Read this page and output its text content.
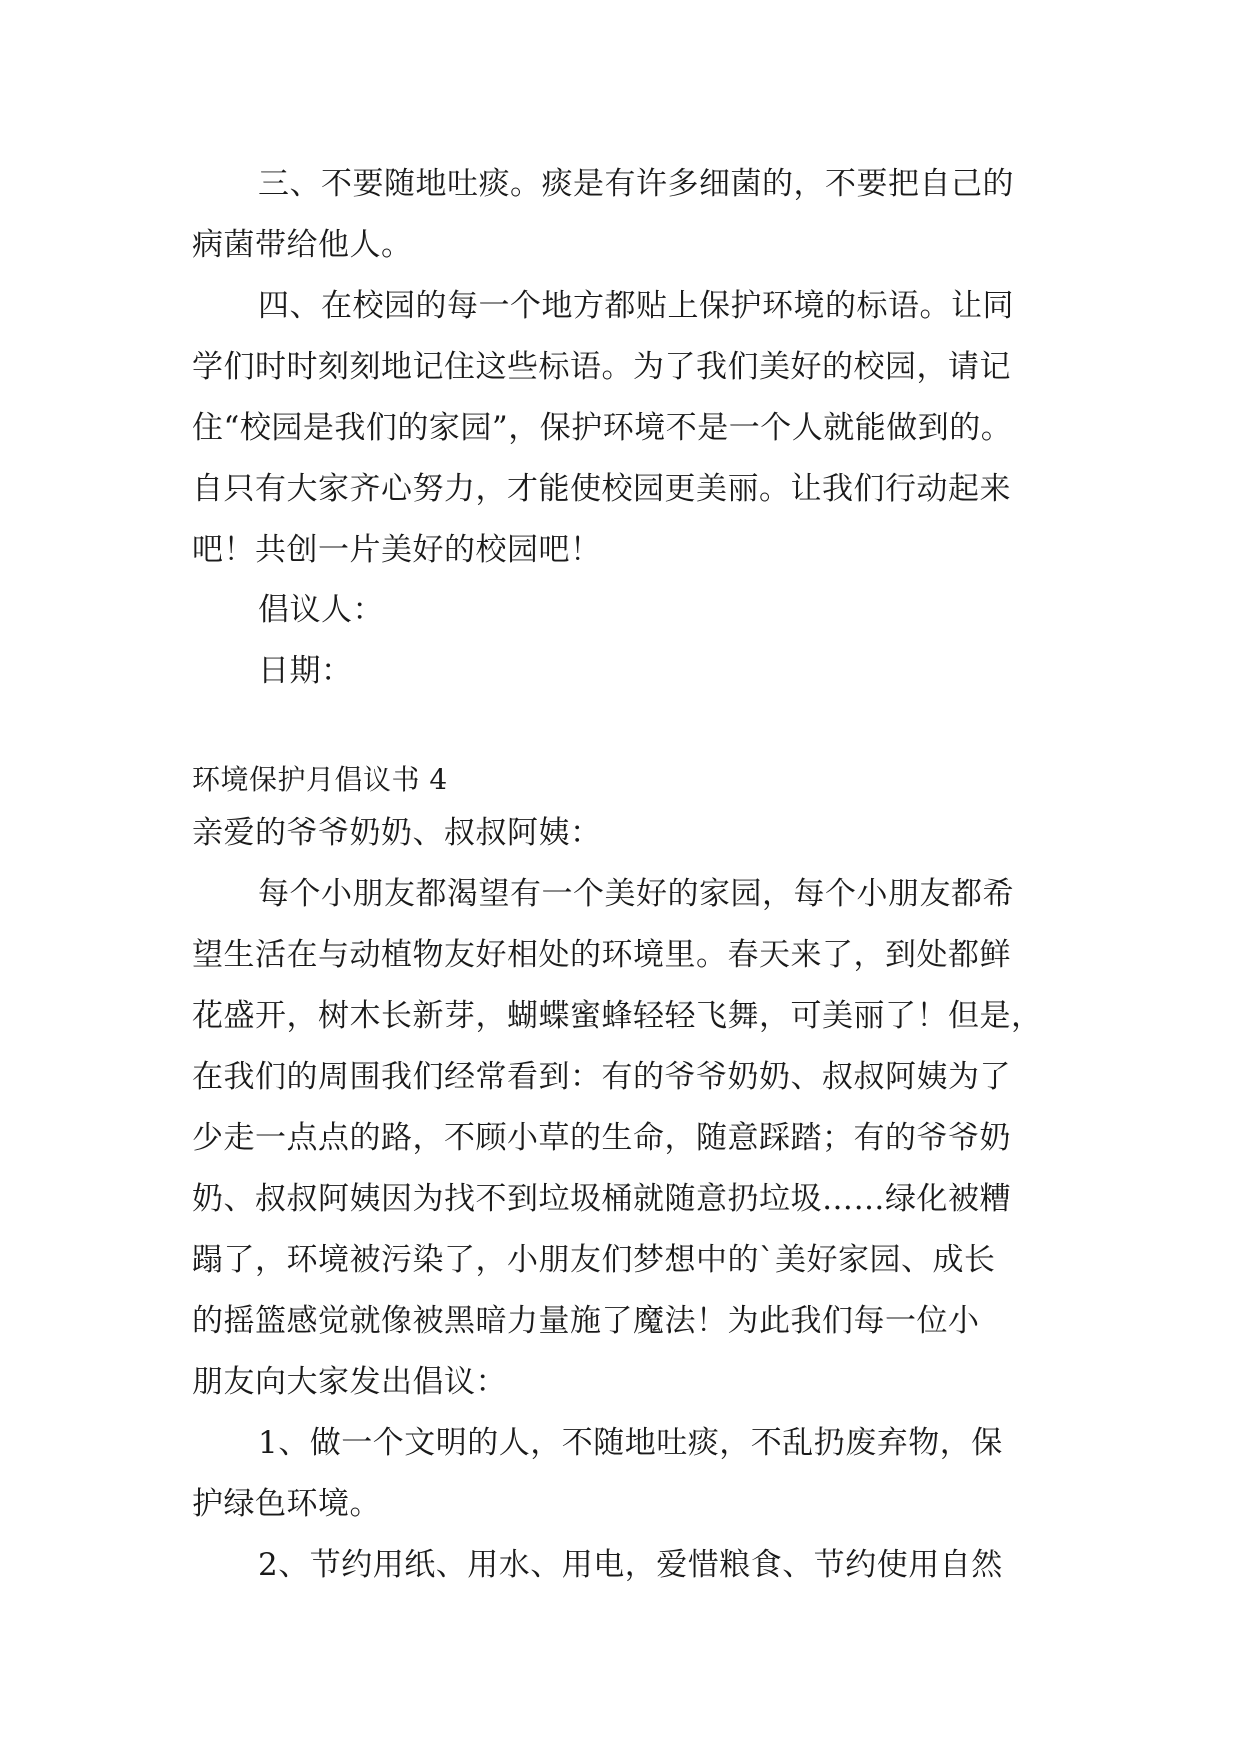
三、不要随地吐痰。痰是有许多细菌的，不要把自己的
病菌带给他人。
四、在校园的每一个地方都贴上保护环境的标语。让同
学们时时刻刻地记住这些标语。为了我们美好的校园，请记
住“校园是我们的家园”，保护环境不是一个人就能做到的。
自只有大家齐心努力，才能使校园更美丽。让我们行动起来
吧！共创一片美好的校园吧！
倡议人：
日期：
环境保护月倡议书 4
亲爱的爷爷奶奶、叔叔阿姨：
每个小朋友都渴望有一个美好的家园，每个小朋友都希
望生活在与动植物友好相处的环境里。春天来了，到处都鲜
花盛开，树木长新芽，蝴蝶蜜蜂轻轻飞舞，可美丽了！但是，
在我们的周围我们经常看到：有的爷爷奶奶、叔叔阿姨为了
少走一点点的路，不顾小草的生命，随意踩踏；有的爷爷奶
奶、叔叔阿姨因为找不到垃圾桶就随意扔垃圾……绿化被糟
蹋了，环境被污染了，小朋友们梦想中的`美好家园、成长
的摇篮感觉就像被黑暗力量施了魔法！为此我们每一位小
朋友向大家发出倡议：
1、做一个文明的人，不随地吐痰，不乱扔废弃物，保
护绿色环境。
2、节约用纸、用水、用电，爱惜粮食、节约使用自然
